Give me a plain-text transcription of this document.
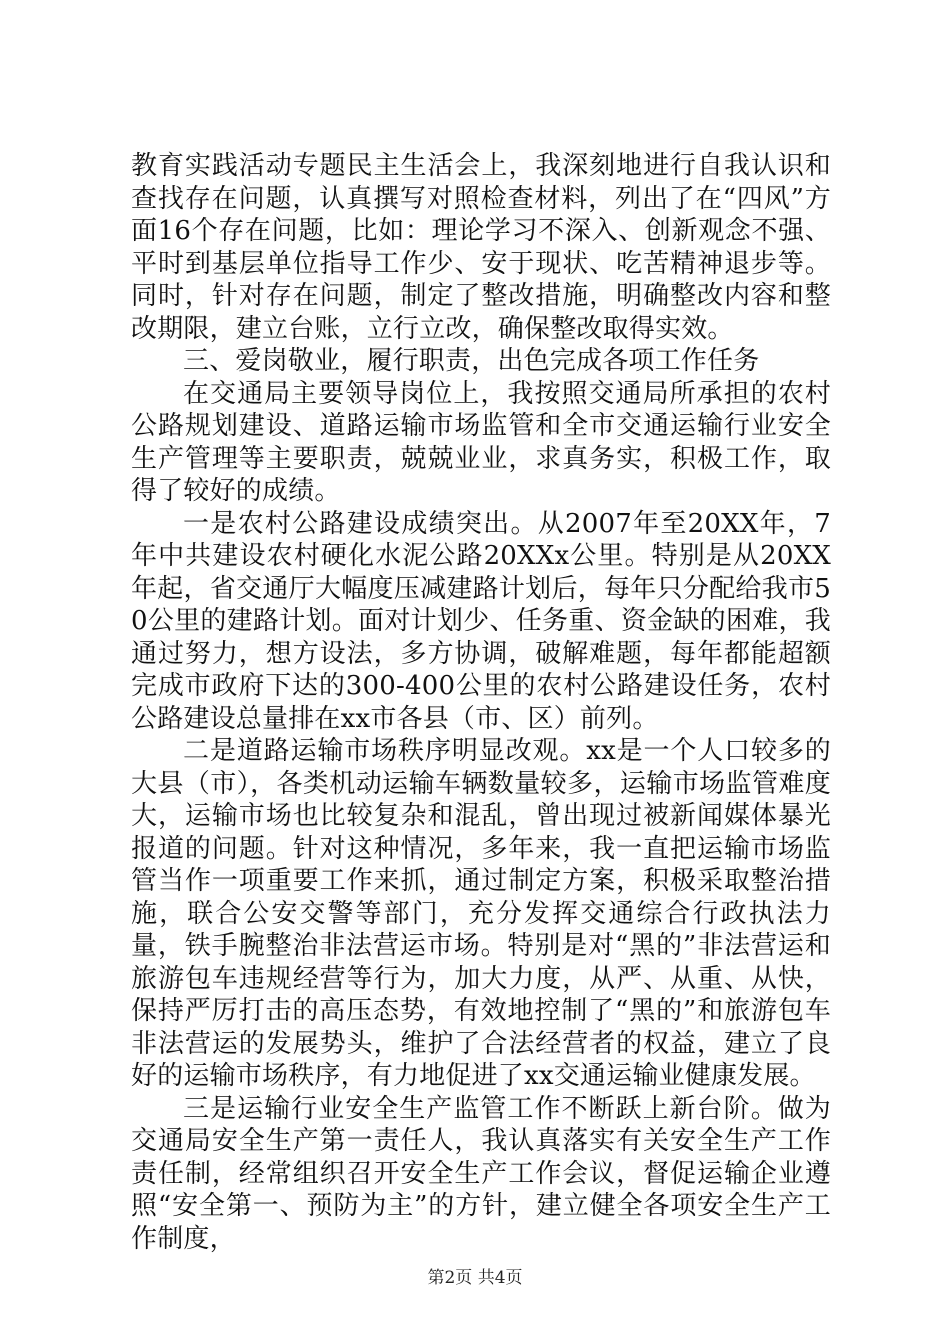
教育实践活动专题民主生活会上，我深刻地进行自我认识和查找存在问题，认真撰写对照检查材料，列出了在“四风”方面16个存在问题，比如：理论学习不深入、创新观念不强、平时到基层单位指导工作少、安于现状、吃苦精神退步等。同时，针对存在问题，制定了整改措施，明确整改内容和整改期限，建立台账，立行立改，确保整改取得实效。

三、爱岗敬业，履行职责，出色完成各项工作任务

在交通局主要领导岗位上，我按照交通局所承担的农村公路规划建设、道路运输市场监管和全市交通运输行业安全生产管理等主要职责，兢兢业业，求真务实，积极工作，取得了较好的成绩。

一是农村公路建设成绩突出。从2007年至20XX年，7年中共建设农村硬化水泥公路20XXx公里。特别是从20XX年起，省交通厅大幅度压减建路计划后，每年只分配给我市50公里的建路计划。面对计划少、任务重、资金缺的困难，我通过努力，想方设法，多方协调，破解难题，每年都能超额完成市政府下达的300-400公里的农村公路建设任务，农村公路建设总量排在xx市各县（市、区）前列。

二是道路运输市场秩序明显改观。xx是一个人口较多的大县（市），各类机动运输车辆数量较多，运输市场监管难度大，运输市场也比较复杂和混乱，曾出现过被新闻媒体暴光报道的问题。针对这种情况，多年来，我一直把运输市场监管当作一项重要工作来抓，通过制定方案，积极采取整治措施，联合公安交警等部门，充分发挥交通综合行政执法力量，铁手腕整治非法营运市场。特别是对“黑的”非法营运和旅游包车违规经营等行为，加大力度，从严、从重、从快，保持严厉打击的高压态势，有效地控制了“黑的”和旅游包车非法营运的发展势头，维护了合法经营者的权益，建立了良好的运输市场秩序，有力地促进了xx交通运输业健康发展。

三是运输行业安全生产监管工作不断跃上新台阶。做为交通局安全生产第一责任人，我认真落实有关安全生产工作责任制，经常组织召开安全生产工作会议，督促运输企业遵照“安全第一、预防为主”的方针，建立健全各项安全生产工作制度，

第2页 共4页
